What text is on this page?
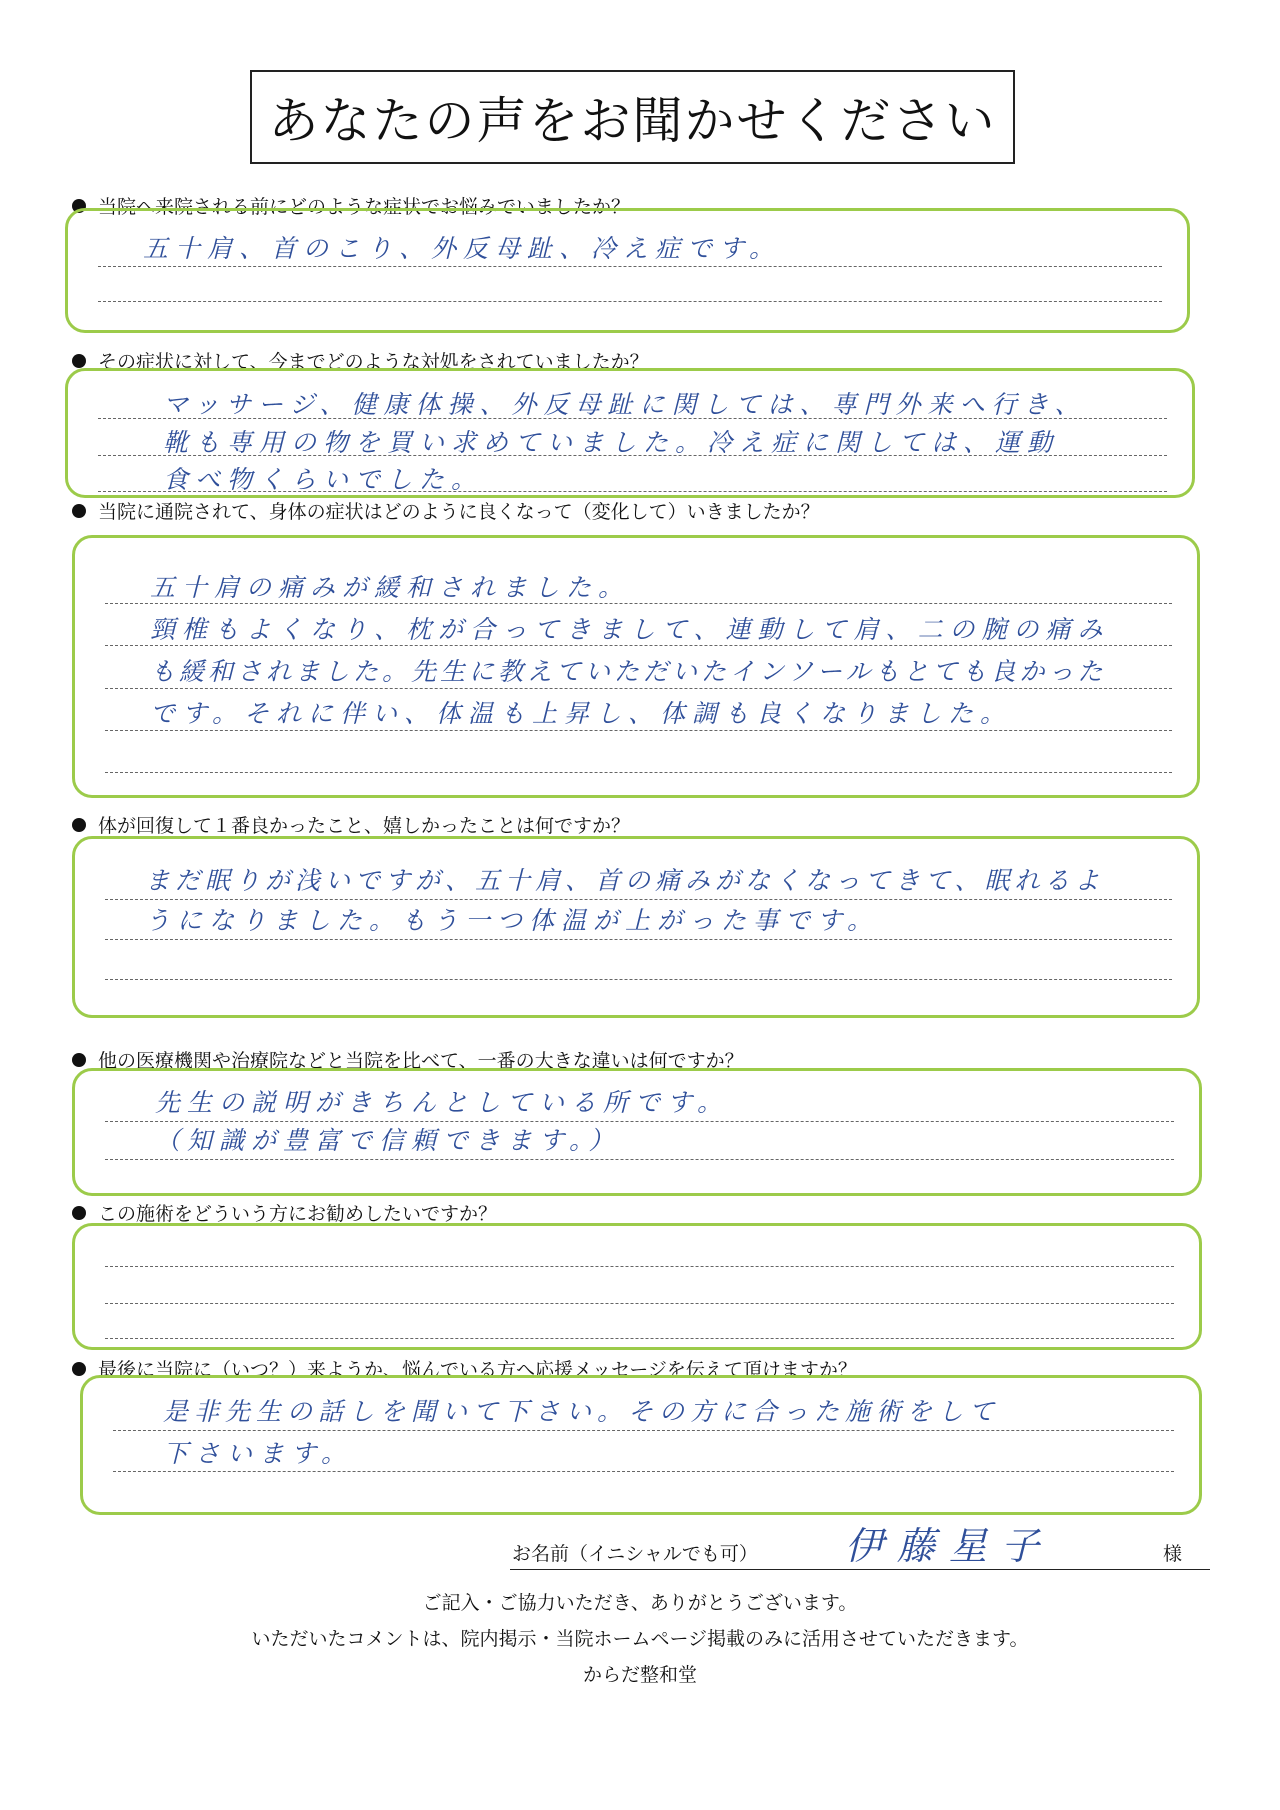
あなたの声をお聞かせください
当院へ来院される前にどのような症状でお悩みでいましたか？
五十肩、首のこり、外反母趾、冷え症です。
その症状に対して、今までどのような対処をされていましたか？
マッサージ、健康体操、外反母趾に関しては、専門外来へ行き、
靴も専用の物を買い求めていました。冷え症に関しては、運動
食べ物くらいでした。
当院に通院されて、身体の症状はどのように良くなって（変化して）いきましたか？
五十肩の痛みが緩和されました。
頸椎もよくなり、枕が合ってきまして、連動して肩、二の腕の痛み
も緩和されました。先生に教えていただいたインソールもとても良かった
です。それに伴い、体温も上昇し、体調も良くなりました。
体が回復して１番良かったこと、嬉しかったことは何ですか？
まだ眠りが浅いですが、五十肩、首の痛みがなくなってきて、眠れるよ
うになりました。もう一つ体温が上がった事です。
他の医療機関や治療院などと当院を比べて、一番の大きな違いは何ですか？
先生の説明がきちんとしている所です。
（知識が豊富で信頼できます。）
この施術をどういう方にお勧めしたいですか？
最後に当院に（いつ？）来ようか、悩んでいる方へ応援メッセージを伝えて頂けますか？
是非先生の話しを聞いて下さい。その方に合った施術をして
下さいます。
お名前（イニシャルでも可） 伊藤星子	様
ご記入・ご協力いただき、ありがとうございます。
いただいたコメントは、院内掲示・当院ホームページ掲載のみに活用させていただきます。
からだ整和堂
